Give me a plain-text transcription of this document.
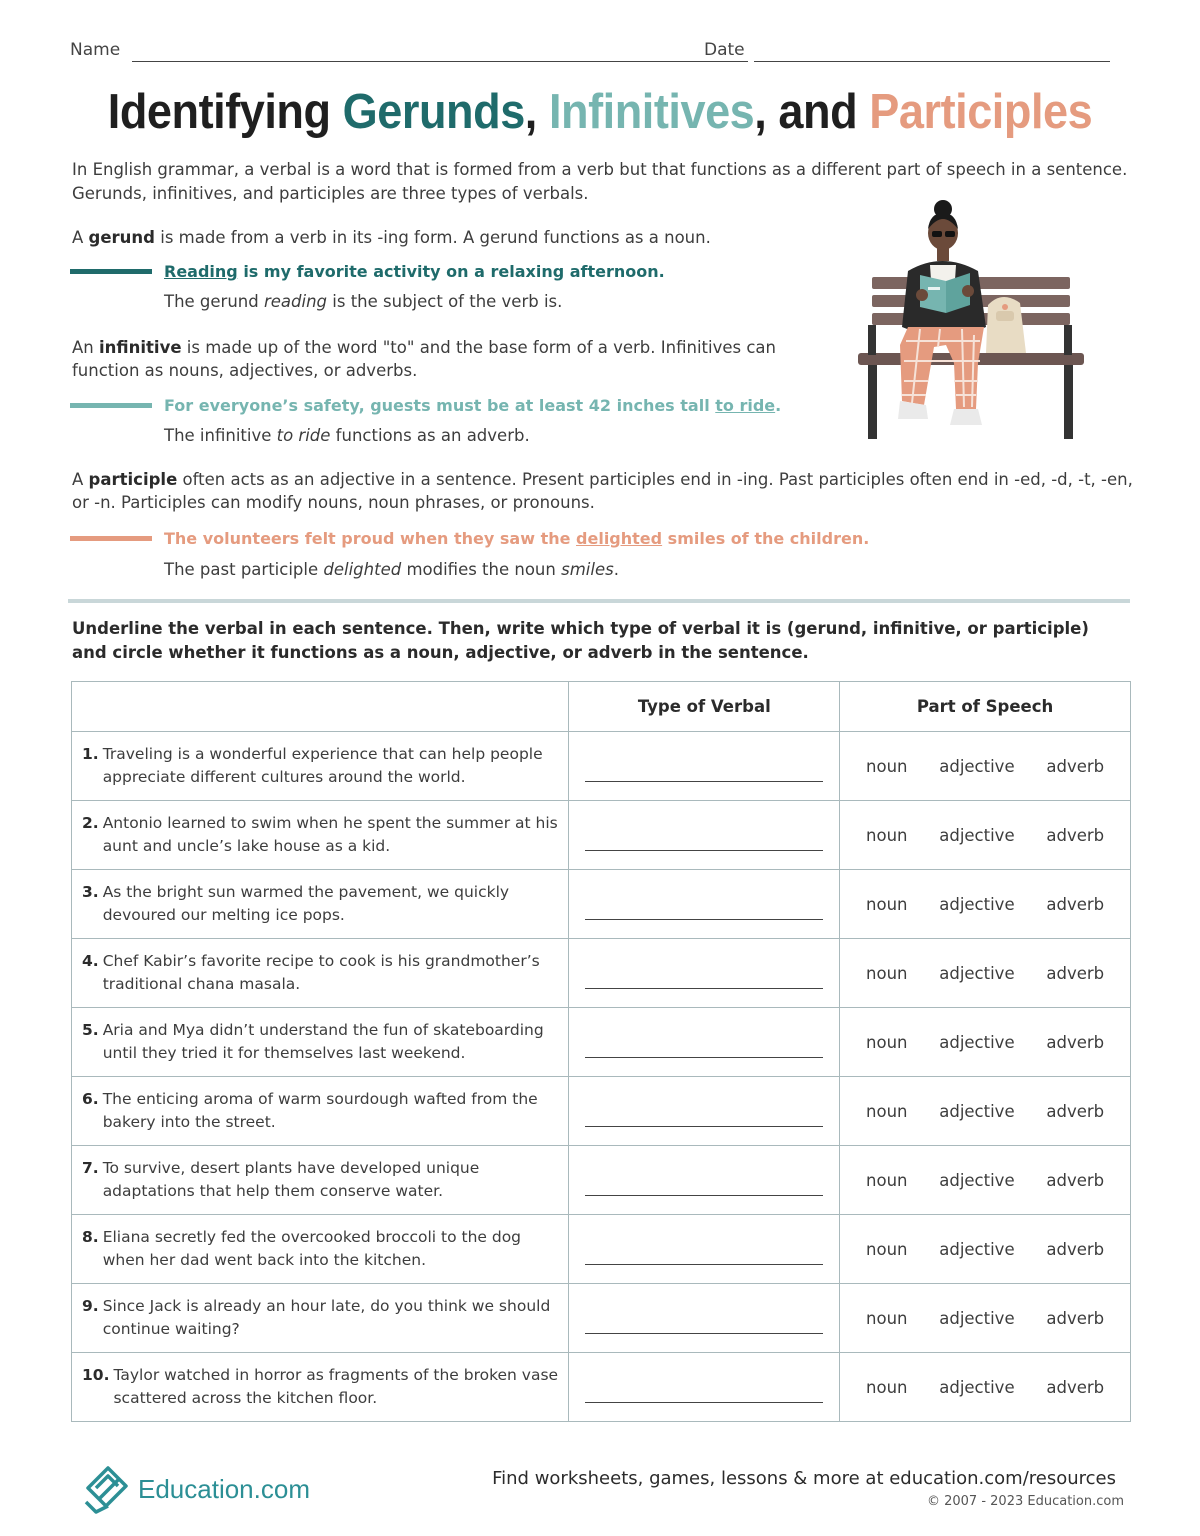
Name	Date
Identifying Gerunds, Infinitives, and Participles

In English grammar, a verbal is a word that is formed from a verb but that functions as a different part of speech in a sentence. Gerunds, infinitives, and participles are three types of verbals.

A gerund is made from a verb in its -ing form. A gerund functions as a noun.

Reading is my favorite activity on a relaxing afternoon.

The gerund reading is the subject of the verb is.

An infinitive is made up of the word "to" and the base form of a verb. Infinitives can function as nouns, adjectives, or adverbs.

For everyone’s safety, guests must be at least 42 inches tall to ride.

The infinitive to ride functions as an adverb.

A participle often acts as an adjective in a sentence. Present participles end in -ing. Past participles often end in -ed, -d, -t, -en, or -n. Participles can modify nouns, noun phrases, or pronouns.

The volunteers felt proud when they saw the delighted smiles of the children.

The past participle delighted modifies the noun smiles.

Underline the verbal in each sentence. Then, write which type of verbal it is (gerund, infinitive, or participle) and circle whether it functions as a noun, adjective, or adverb in the sentence.

	Type of Verbal	Part of Speech

1. Traveling is a wonderful experience that can help people appreciate different cultures around the world.		noun adjective adverb

2. Antonio learned to swim when he spent the summer at his aunt and uncle’s lake house as a kid.		noun adjective adverb

3. As the bright sun warmed the pavement, we quickly devoured our melting ice pops.		noun adjective adverb

4. Chef Kabir’s favorite recipe to cook is his grandmother’s traditional chana masala.		noun adjective adverb

5. Aria and Mya didn’t understand the fun of skateboarding until they tried it for themselves last weekend.		noun adjective adverb

6. The enticing aroma of warm sourdough wafted from the bakery into the street.		noun adjective adverb

7. To survive, desert plants have developed unique adaptations that help them conserve water.		noun adjective adverb

8. Eliana secretly fed the overcooked broccoli to the dog when her dad went back into the kitchen.		noun adjective adverb

9. Since Jack is already an hour late, do you think we should continue waiting?		noun adjective adverb

10. Taylor watched in horror as fragments of the broken vase scattered across the kitchen floor.		noun adjective adverb
Education.com	Find worksheets, games, lessons & more at education.com/resources
© 2007 - 2023 Education.com
